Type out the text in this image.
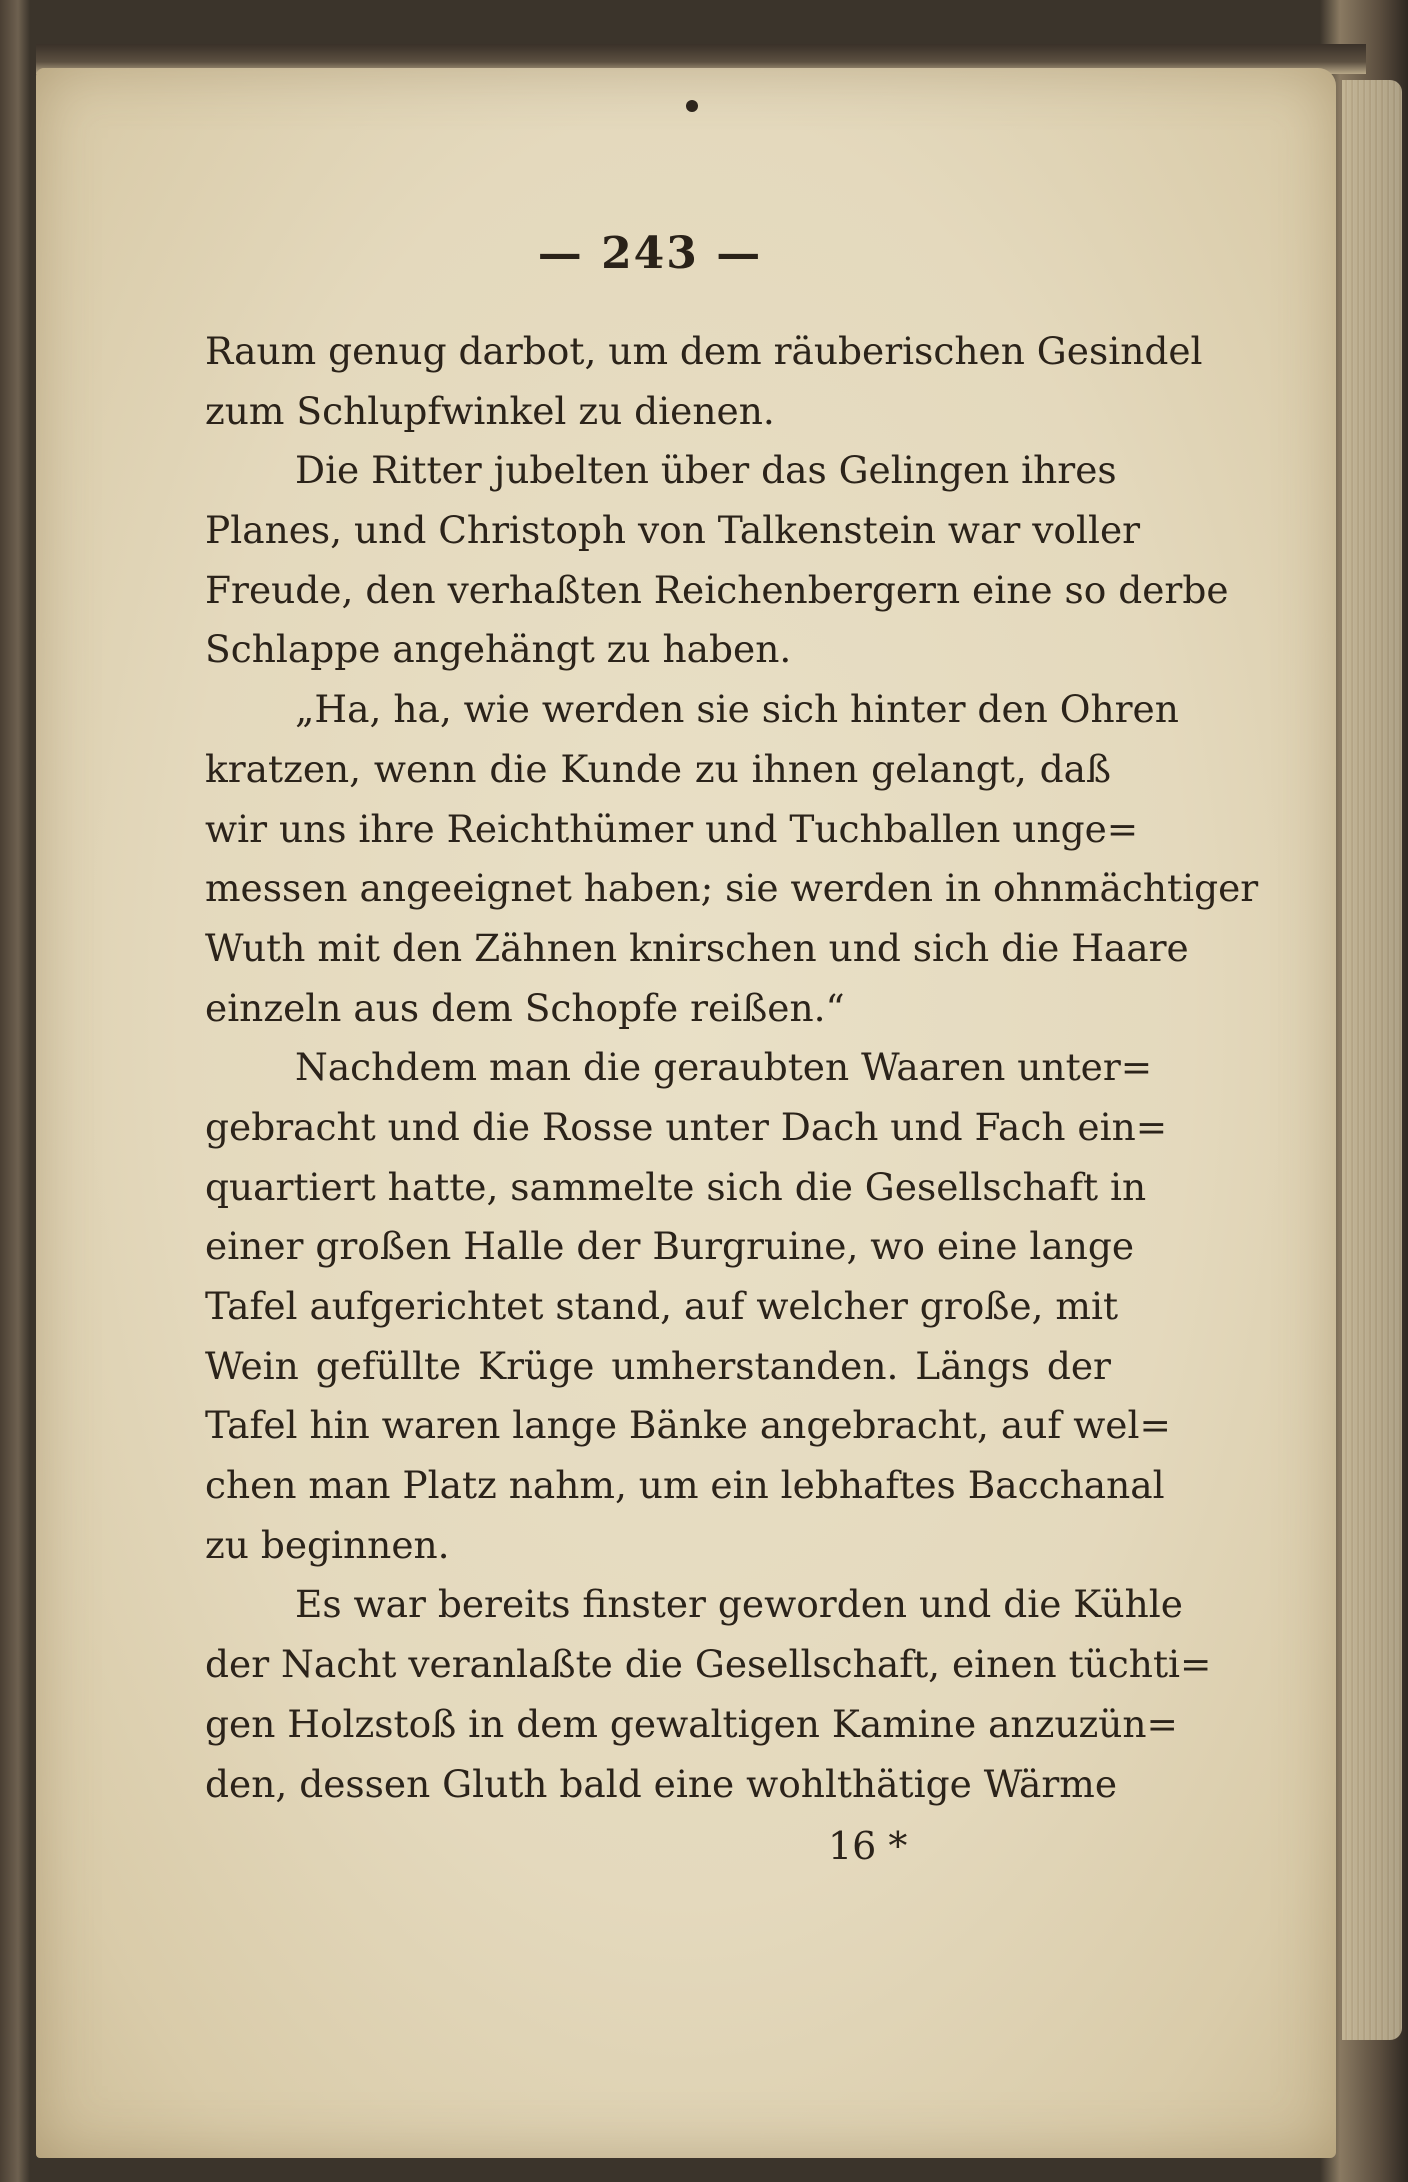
— 243 —
Raum genug darbot, um dem räuberischen Gesindel
zum Schlupfwinkel zu dienen.
Die Ritter jubelten über das Gelingen ihres
Planes, und Christoph von Talkenstein war voller
Freude, den verhaßten Reichenbergern eine so derbe
Schlappe angehängt zu haben.
„Ha, ha, wie werden sie sich hinter den Ohren
kratzen, wenn die Kunde zu ihnen gelangt, daß
wir uns ihre Reichthümer und Tuchballen unge=
messen angeeignet haben; sie werden in ohnmächtiger
Wuth mit den Zähnen knirschen und sich die Haare
einzeln aus dem Schopfe reißen.“
Nachdem man die geraubten Waaren unter=
gebracht und die Rosse unter Dach und Fach ein=
quartiert hatte, sammelte sich die Gesellschaft in
einer großen Halle der Burgruine, wo eine lange
Tafel aufgerichtet stand, auf welcher große, mit
Wein gefüllte Krüge umherstanden. Längs der
Tafel hin waren lange Bänke angebracht, auf wel=
chen man Platz nahm, um ein lebhaftes Bacchanal
zu beginnen.
Es war bereits finster geworden und die Kühle
der Nacht veranlaßte die Gesellschaft, einen tüchti=
gen Holzstoß in dem gewaltigen Kamine anzuzün=
den, dessen Gluth bald eine wohlthätige Wärme
16 *
